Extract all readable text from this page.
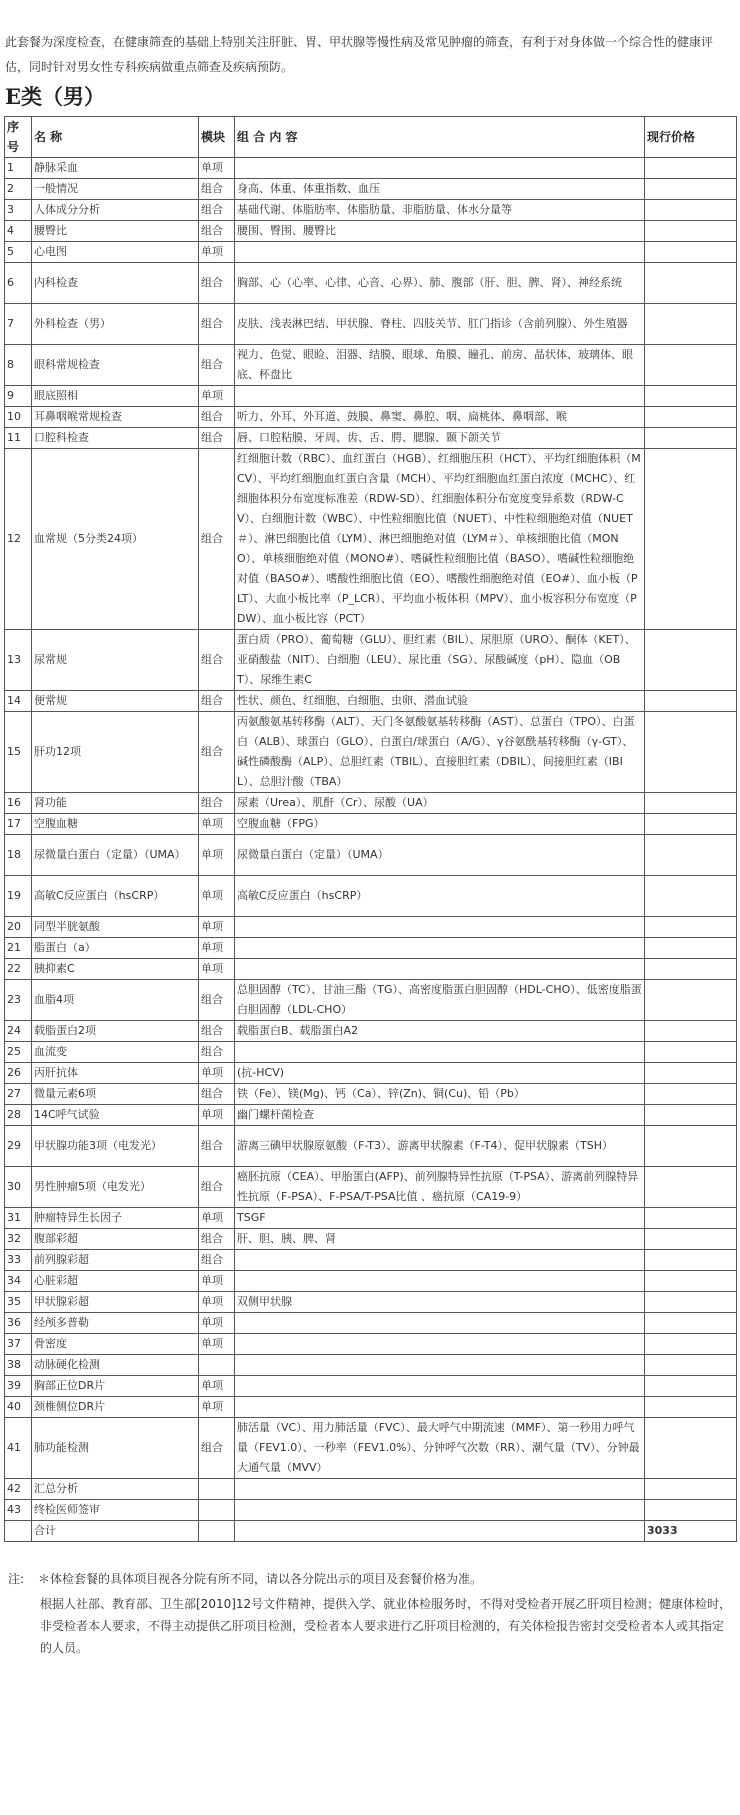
此套餐为深度检查，在健康筛查的基础上特别关注肝脏、胃、甲状腺等慢性病及常见肿瘤的筛查，有利于对身体做一个综合性的健康评估，同时针对男女性专科疾病做重点筛查及疾病预防。

E类（男）
序号	名 称	模块	组 合 内 容	现行价格
1	静脉采血	单项		
2	一般情况	组合	身高、体重、体重指数、血压	
3	人体成分分析	组合	基础代谢、体脂肪率、体脂肪量、非脂肪量、体水分量等	
4	腰臀比	组合	腰围、臀围、腰臀比	
5	心电图	单项		
6	内科检查	组合	胸部、心（心率、心律、心音、心界）、肺、腹部（肝、胆、脾、肾）、神经系统	
7	外科检查（男）	组合	皮肤、浅表淋巴结、甲状腺、脊柱、四肢关节、肛门指诊（含前列腺）、外生殖器	
8	眼科常规检查	组合	视力、色觉、眼睑、泪器、结膜、眼球、角膜、瞳孔、前房、晶状体、玻璃体、眼底、杯盘比	
9	眼底照相	单项		
10	耳鼻咽喉常规检查	组合	听力、外耳、外耳道、鼓膜、鼻窦、鼻腔、咽、扁桃体、鼻咽部、喉	
11	口腔科检查	组合	唇、口腔粘膜、牙周、齿、舌、腭、腮腺、颞下颌关节	
12	血常规（5分类24项）	组合	红细胞计数（RBC）、血红蛋白（HGB）、红细胞压积（HCT）、平均红细胞体积（MCV）、平均红细胞血红蛋白含量（MCH）、平均红细胞血红蛋白浓度（MCHC）、红细胞体积分布宽度标准差（RDW-SD）、红细胞体积分布宽度变异系数（RDW-CV）、白细胞计数（WBC）、中性粒细胞比值（NUET）、中性粒细胞绝对值（NUET＃）、淋巴细胞比值（LYM）、淋巴细胞绝对值（LYM＃）、单核细胞比值（MONO）、单核细胞绝对值（MONO#）、嗜碱性粒细胞比值（BASO）、嗜碱性粒细胞绝对值（BASO#）、嗜酸性细胞比值（EO）、嗜酸性细胞绝对值（EO#）、血小板（PLT）、大血小板比率（P_LCR）、平均血小板体积（MPV）、血小板容积分布宽度（PDW）、血小板比容（PCT）	
13	尿常规	组合	蛋白质（PRO）、葡萄糖（GLU）、胆红素（BIL）、尿胆原（URO）、酮体（KET）、亚硝酸盐（NIT）、白细胞（LEU）、尿比重（SG）、尿酸碱度（pH）、隐血（OBT）、尿维生素C	
14	便常规	组合	性状、颜色、红细胞、白细胞、虫卵、潜血试验	
15	肝功12项	组合	丙氨酸氨基转移酶（ALT）、天门冬氨酸氨基转移酶（AST）、总蛋白（TPO）、白蛋白（ALB）、球蛋白（GLO）、白蛋白/球蛋白（A/G）、γ谷氨酰基转移酶（γ-GT）、碱性磷酸酶（ALP）、总胆红素（TBIL）、直接胆红素（DBIL）、间接胆红素（IBIL）、总胆汁酸（TBA）	
16	肾功能	组合	尿素（Urea）、肌酐（Cr）、尿酸（UA）	
17	空腹血糖	单项	空腹血糖（FPG）	
18	尿微量白蛋白（定量）（UMA）	单项	尿微量白蛋白（定量）（UMA）	
19	高敏C反应蛋白（hsCRP）	单项	高敏C反应蛋白（hsCRP）	
20	同型半胱氨酸	单项		
21	脂蛋白（a）	单项		
22	胰抑素C	单项		
23	血脂4项	组合	总胆固醇（TC）、甘油三酯（TG）、高密度脂蛋白胆固醇（HDL-CHO）、低密度脂蛋白胆固醇（LDL-CHO）	
24	载脂蛋白2项	组合	载脂蛋白B、载脂蛋白A2	
25	血流变	组合		
26	丙肝抗体	单项	(抗-HCV)	
27	微量元素6项	组合	铁（Fe）、镁(Mg)、钙（Ca）、锌(Zn)、铜(Cu)、铅（Pb）	
28	14C呼气试验	单项	幽门螺杆菌检查	
29	甲状腺功能3项（电发光）	组合	游离三碘甲状腺原氨酸（F-T3）、游离甲状腺素（F-T4）、促甲状腺素（TSH）	
30	男性肿瘤5项（电发光）	组合	癌胚抗原（CEA）、甲胎蛋白(AFP)、前列腺特异性抗原（T-PSA）、游离前列腺特异性抗原（F-PSA）、F-PSA/T-PSA比值 、癌抗原（CA19-9）	
31	肿瘤特异生长因子	单项	TSGF	
32	腹部彩超	组合	肝、胆、胰、脾、肾	
33	前列腺彩超	组合		
34	心脏彩超	单项		
35	甲状腺彩超	单项	双侧甲状腺	
36	经颅多普勒	单项		
37	骨密度	单项		
38	动脉硬化检测			
39	胸部正位DR片	单项		
40	颈椎侧位DR片	单项		
41	肺功能检测	组合	肺活量（VC）、用力肺活量（FVC）、最大呼气中期流速（MMF）、第一秒用力呼气量（FEV1.0）、一秒率（FEV1.0%）、分钟呼气次数（RR）、潮气量（TV）、分钟最大通气量（MVV）	
42	汇总分析			
43	终检医师签审			
	合计			3033
注:	＊体检套餐的具体项目视各分院有所不同，请以各分院出示的项目及套餐价格为准。
根据人社部、教育部、卫生部[2010]12号文件精神，提供入学、就业体检服务时，不得对受检者开展乙肝项目检测；健康体检时，非受检者本人要求，不得主动提供乙肝项目检测，受检者本人要求进行乙肝项目检测的，有关体检报告密封交受检者本人或其指定的人员。
